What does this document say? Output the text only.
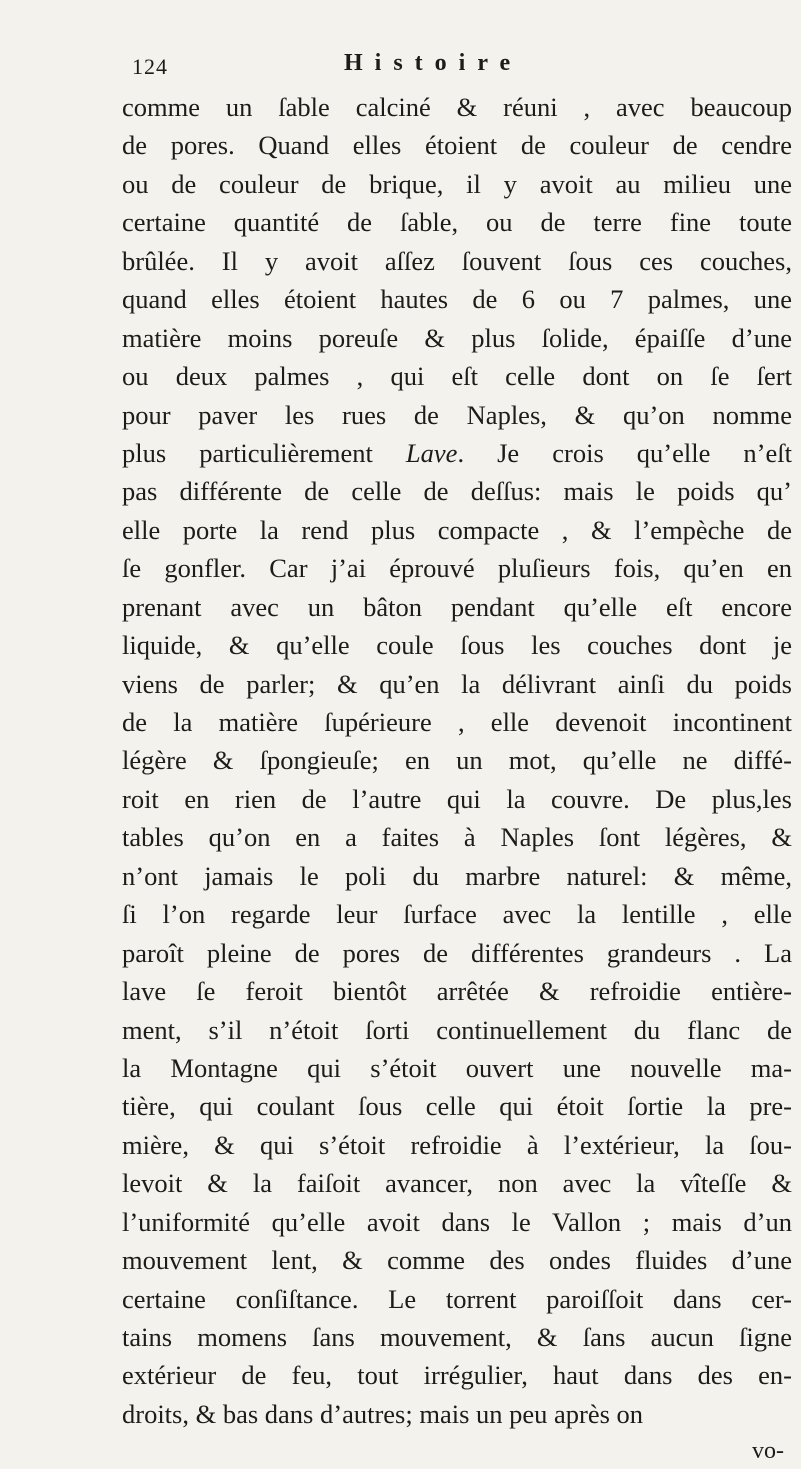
124	Histoire
comme un ſable calciné & réuni , avec beaucoup
de pores. Quand elles étoient de couleur de cendre
ou de couleur de brique, il y avoit au milieu une
certaine quantité de ſable, ou de terre fine toute
brûlée. Il y avoit aſſez ſouvent ſous ces couches,
quand elles étoient hautes de 6 ou 7 palmes, une
matière moins poreuſe & plus ſolide, épaiſſe d’une
ou deux palmes , qui eſt celle dont on ſe ſert
pour paver les rues de Naples, & qu’on nomme
plus particulièrement Lave. Je crois qu’elle n’eſt
pas différente de celle de deſſus: mais le poids qu’
elle porte la rend plus compacte , & l’empèche de
ſe gonfler. Car j’ai éprouvé pluſieurs fois, qu’en en
prenant avec un bâton pendant qu’elle eſt encore
liquide, & qu’elle coule ſous les couches dont je
viens de parler; & qu’en la délivrant ainſi du poids
de la matière ſupérieure , elle devenoit incontinent
légère & ſpongieuſe; en un mot, qu’elle ne diffé-
roit en rien de l’autre qui la couvre. De plus,les
tables qu’on en a faites à Naples ſont légères, &
n’ont jamais le poli du marbre naturel: & même,
ſi l’on regarde leur ſurface avec la lentille , elle
paroît pleine de pores de différentes grandeurs . La
lave ſe feroit bientôt arrêtée & refroidie entière-
ment, s’il n’étoit ſorti continuellement du flanc de
la Montagne qui s’étoit ouvert une nouvelle ma-
tière, qui coulant ſous celle qui étoit ſortie la pre-
mière, & qui s’étoit refroidie à l’extérieur, la ſou-
levoit & la faiſoit avancer, non avec la vîteſſe &
l’uniformité qu’elle avoit dans le Vallon ; mais d’un
mouvement lent, & comme des ondes fluides d’une
certaine conſiſtance. Le torrent paroiſſoit dans cer-
tains momens ſans mouvement, & ſans aucun ſigne
extérieur de feu, tout irrégulier, haut dans des en-
droits, & bas dans d’autres; mais un peu après on
vo-
